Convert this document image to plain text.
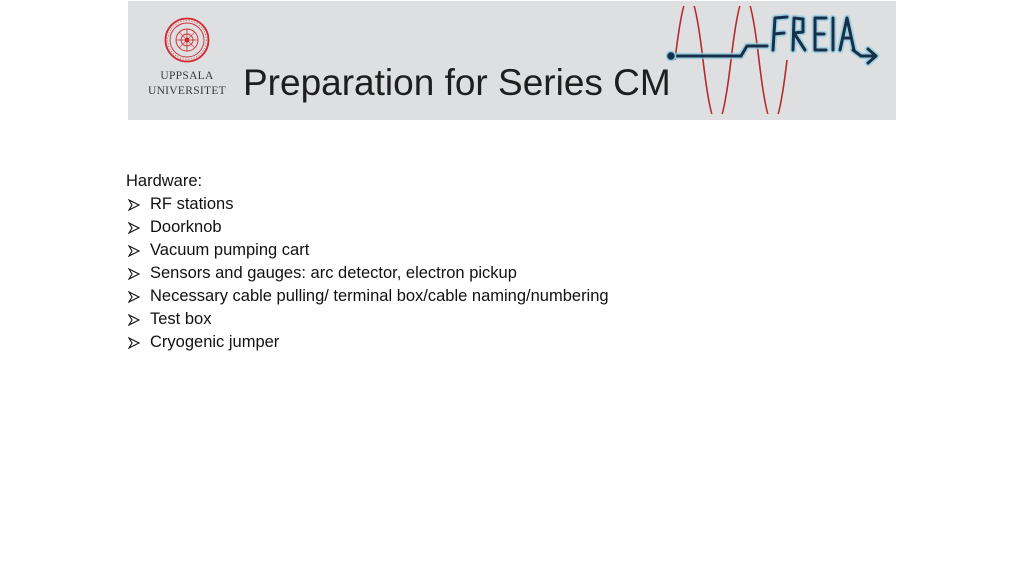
UPPSALA
UNIVERSITET Preparation for Series CM
Hardware:
RF stations
Doorknob
Vacuum pumping cart
Sensors and gauges: arc detector, electron pickup
Necessary cable pulling/ terminal box/cable naming/numbering
Test box
Cryogenic jumper
